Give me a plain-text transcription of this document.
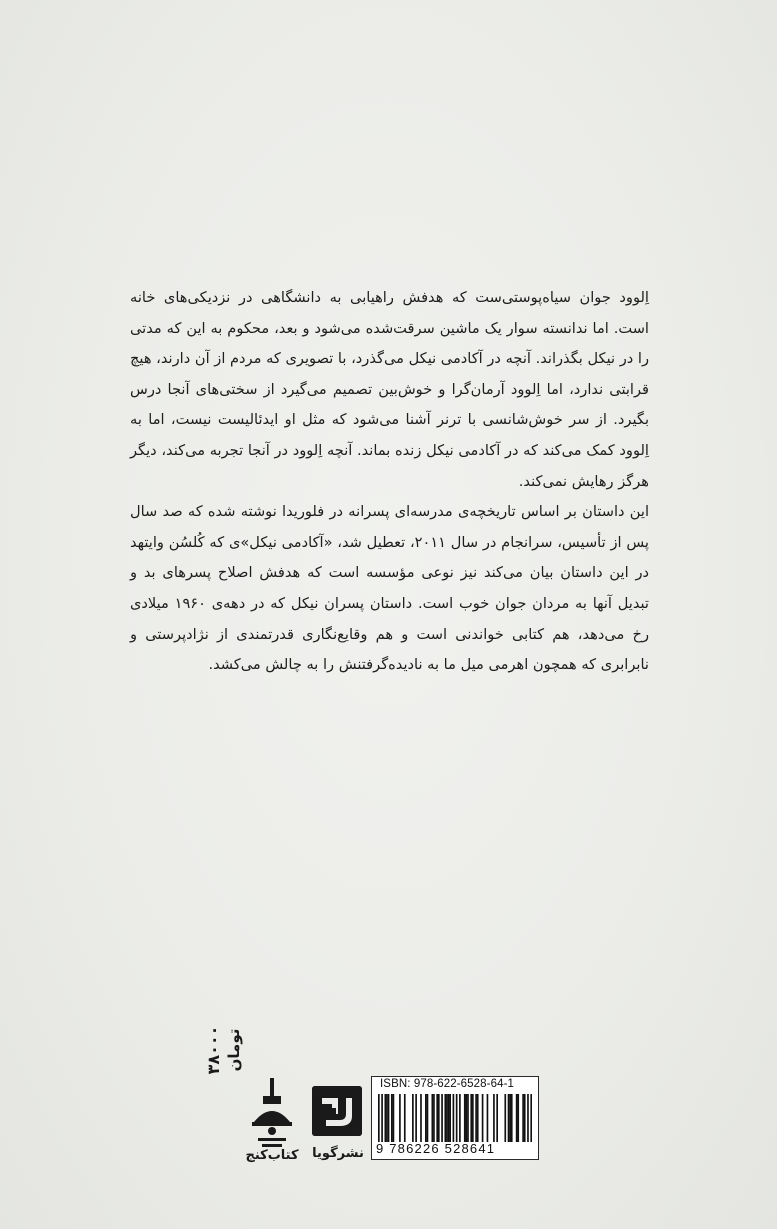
اِلوود جوان سیاه‌پوستی‌ست که هدفش راهیابی به دانشگاهی در نزدیکی‌های خانه است. اما ندانسته سوار یک ماشین سرقت‌شده می‌شود و بعد، محکوم به این که مدتی را در نیکل بگذراند. آنچه در آکادمی نیکل می‌گذرد، با تصویری که مردم از آن دارند، هیچ قرابتی ندارد، اما اِلوود آرمان‌گرا و خوش‌بین تصمیم می‌گیرد از سختی‌های آنجا درس بگیرد. از سر خوش‌شانسی با ترنر آشنا می‌شود که مثل او ایدئالیست نیست، اما به اِلوود کمک می‌کند که در آکادمی نیکل زنده بماند. آنچه اِلوود در آنجا تجربه می‌کند، دیگر هرگز رهایش نمی‌کند.

این داستان بر اساس تاریخچه‌ی مدرسه‌ای پسرانه در فلوریدا نوشته شده که صد سال پس از تأسیس، سرانجام در سال ۲۰۱۱، تعطیل شد، «آکادمی نیکل»ی که کُلسُن وایتهد در این داستان بیان می‌کند نیز نوعی مؤسسه است که هدفش اصلاح پسرهای بد و تبدیل آنها به مردان جوان خوب است. داستان پسران نیکل که در دهه‌ی ۱۹۶۰ میلادی رخ می‌دهد، هم کتابی خواندنی است و هم وقایع‌نگاری قدرتمندی از نژادپرستی و نابرابری که همچون اهرمی میل ما به نادیده‌گرفتنش را به چالش می‌کشد.

۳۸۰۰۰ تومان
کتاب‌کنج	نشرگویا
ISBN: 978-622-6528-64-1
9 786226 528641
